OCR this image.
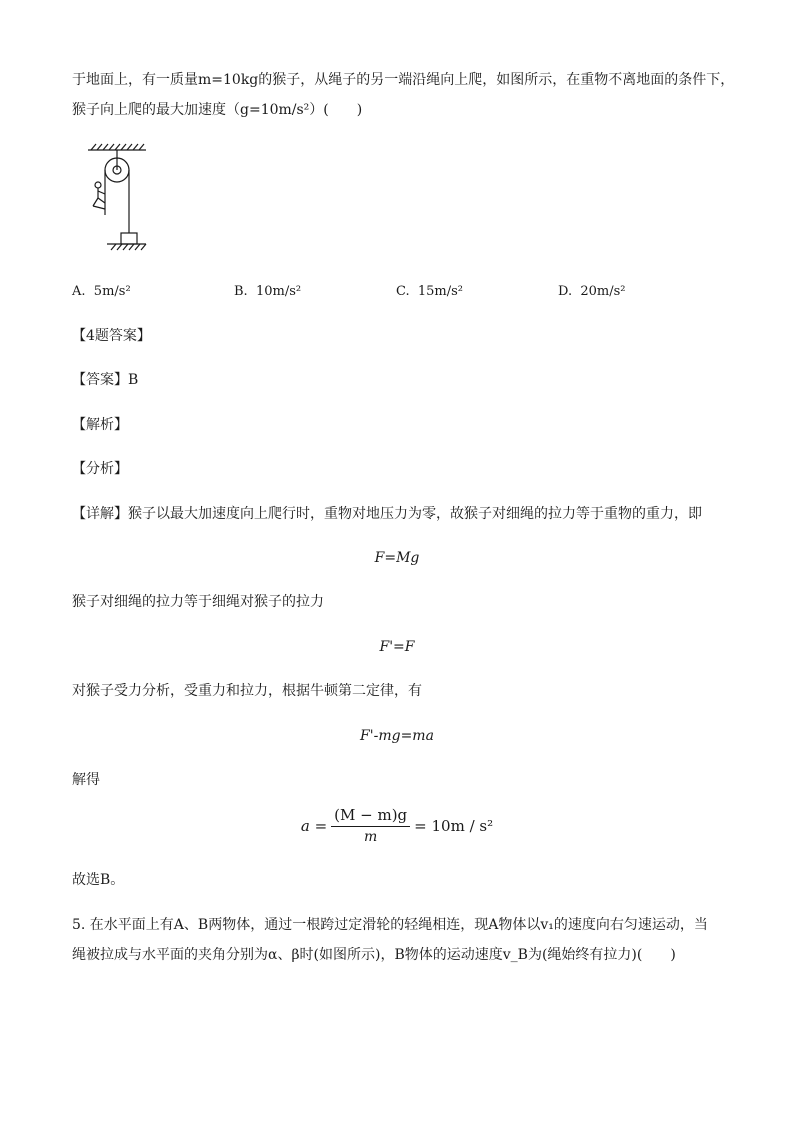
于地面上，有一质量m=10kg的猴子，从绳子的另一端沿绳向上爬，如图所示，在重物不离地面的条件下，
猴子向上爬的最大加速度（g=10m/s²）(　　)
A. 5m/s²	B. 10m/s²	C. 15m/s²	D. 20m/s²
【4题答案】
【答案】B
【解析】
【分析】
【详解】猴子以最大加速度向上爬行时，重物对地压力为零，故猴子对细绳的拉力等于重物的重力，即
F=Mg
猴子对细绳的拉力等于细绳对猴子的拉力
F'=F
对猴子受力分析，受重力和拉力，根据牛顿第二定律，有
F'-mg=ma
解得
$a = \frac{(M - m)g}{m} = 10m / s^2$
故选B。
5. 在水平面上有A、B两物体，通过一根跨过定滑轮的轻绳相连，现A物体以v₁的速度向右匀速运动，当
绳被拉成与水平面的夹角分别为α、β时(如图所示)，B物体的运动速度v_B为(绳始终有拉力)(　　)
